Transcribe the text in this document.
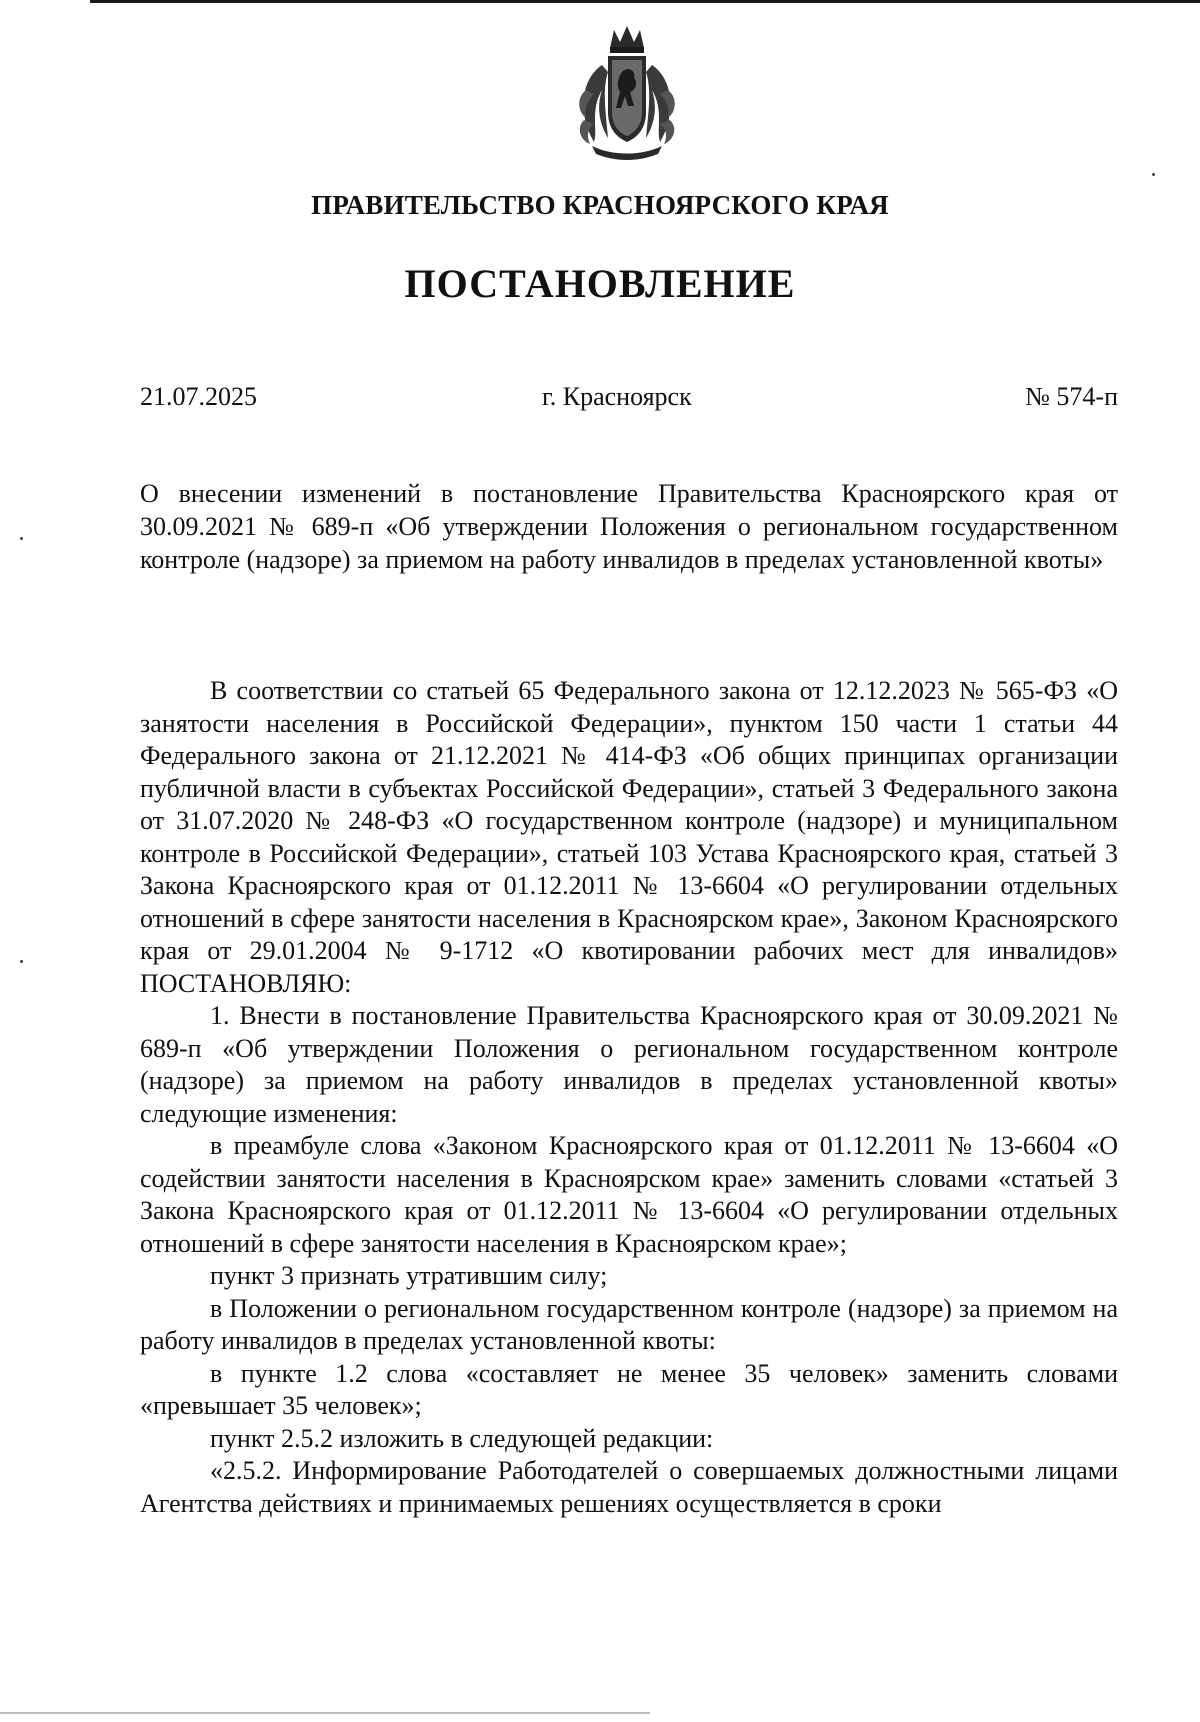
ПРАВИТЕЛЬСТВО КРАСНОЯРСКОГО КРАЯ
ПОСТАНОВЛЕНИЕ
21.07.2025	г. Красноярск	№ 574-п
О внесении изменений в постановление Правительства Красноярского края от 30.09.2021 № 689-п «Об утверждении Положения о региональном государственном контроле (надзоре) за приемом на работу инвалидов в пределах установленной квоты»

В соответствии со статьей 65 Федерального закона от 12.12.2023 № 565-ФЗ «О занятости населения в Российской Федерации», пунктом 150 части 1 статьи 44 Федерального закона от 21.12.2021 № 414-ФЗ «Об общих принципах организации публичной власти в субъектах Российской Федерации», статьей 3 Федерального закона от 31.07.2020 № 248-ФЗ «О государственном контроле (надзоре) и муниципальном контроле в Российской Федерации», статьей 103 Устава Красноярского края, статьей 3 Закона Красноярского края от 01.12.2011 № 13-6604 «О регулировании отдельных отношений в сфере занятости населения в Красноярском крае», Законом Красноярского края от 29.01.2004 № 9-1712 «О квотировании рабочих мест для инвалидов» ПОСТАНОВЛЯЮ:

1. Внести в постановление Правительства Красноярского края от 30.09.2021 № 689-п «Об утверждении Положения о региональном государственном контроле (надзоре) за приемом на работу инвалидов в пределах установленной квоты» следующие изменения:

в преамбуле слова «Законом Красноярского края от 01.12.2011 № 13-6604 «О содействии занятости населения в Красноярском крае» заменить словами «статьей 3 Закона Красноярского края от 01.12.2011 № 13-6604 «О регулировании отдельных отношений в сфере занятости населения в Красноярском крае»;

пункт 3 признать утратившим силу;

в Положении о региональном государственном контроле (надзоре) за приемом на работу инвалидов в пределах установленной квоты:

в пункте 1.2 слова «составляет не менее 35 человек» заменить словами «превышает 35 человек»;

пункт 2.5.2 изложить в следующей редакции:

«2.5.2. Информирование Работодателей о совершаемых должностными лицами Агентства действиях и принимаемых решениях осуществляется в сроки
